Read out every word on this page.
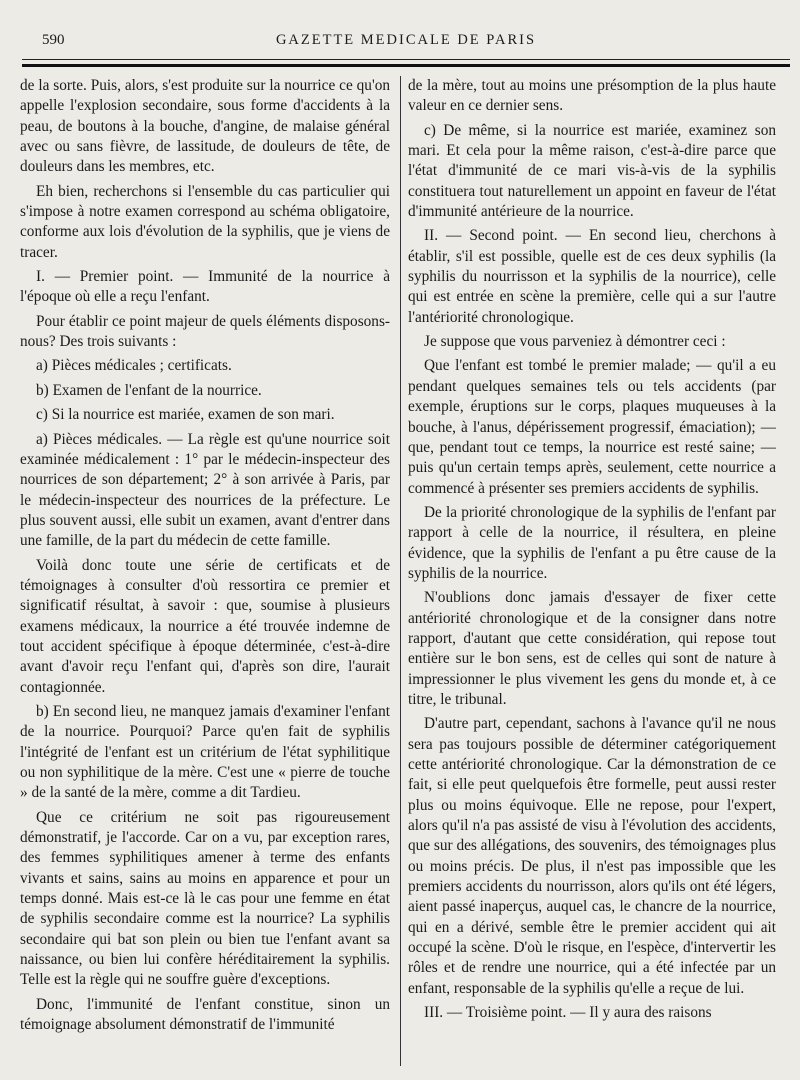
590	GAZETTE MEDICALE DE PARIS

de la sorte. Puis, alors, s'est produite sur la nourrice ce qu'on appelle l'explosion secondaire, sous forme d'accidents à la peau, de boutons à la bouche, d'angine, de malaise général avec ou sans fièvre, de lassitude, de douleurs de tête, de douleurs dans les membres, etc.

Eh bien, recherchons si l'ensemble du cas particulier qui s'impose à notre examen correspond au schéma obligatoire, conforme aux lois d'évolution de la syphilis, que je viens de tracer.

I. — Premier point. — Immunité de la nourrice à l'époque où elle a reçu l'enfant.

Pour établir ce point majeur de quels éléments disposons-nous? Des trois suivants :

a) Pièces médicales ; certificats.

b) Examen de l'enfant de la nourrice.

c) Si la nourrice est mariée, examen de son mari.

a) Pièces médicales. — La règle est qu'une nourrice soit examinée médicalement : 1° par le médecin-inspecteur des nourrices de son département; 2° à son arrivée à Paris, par le médecin-inspecteur des nourrices de la préfecture. Le plus souvent aussi, elle subit un examen, avant d'entrer dans une famille, de la part du médecin de cette famille.

Voilà donc toute une série de certificats et de témoignages à consulter d'où ressortira ce premier et significatif résultat, à savoir : que, soumise à plusieurs examens médicaux, la nourrice a été trouvée indemne de tout accident spécifique à époque déterminée, c'est-à-dire avant d'avoir reçu l'enfant qui, d'après son dire, l'aurait contagionnée.

b) En second lieu, ne manquez jamais d'examiner l'enfant de la nourrice. Pourquoi? Parce qu'en fait de syphilis l'intégrité de l'enfant est un critérium de l'état syphilitique ou non syphilitique de la mère. C'est une « pierre de touche » de la santé de la mère, comme a dit Tardieu.

Que ce critérium ne soit pas rigoureusement démonstratif, je l'accorde. Car on a vu, par exception rares, des femmes syphilitiques amener à terme des enfants vivants et sains, sains au moins en apparence et pour un temps donné. Mais est-ce là le cas pour une femme en état de syphilis secondaire comme est la nourrice? La syphilis secondaire qui bat son plein ou bien tue l'enfant avant sa naissance, ou bien lui confère héréditairement la syphilis. Telle est la règle qui ne souffre guère d'exceptions.

Donc, l'immunité de l'enfant constitue, sinon un témoignage absolument démonstratif de l'immunité

de la mère, tout au moins une présomption de la plus haute valeur en ce dernier sens.

c) De même, si la nourrice est mariée, examinez son mari. Et cela pour la même raison, c'est-à-dire parce que l'état d'immunité de ce mari vis-à-vis de la syphilis constituera tout naturellement un appoint en faveur de l'état d'immunité antérieure de la nourrice.

II. — Second point. — En second lieu, cherchons à établir, s'il est possible, quelle est de ces deux syphilis (la syphilis du nourrisson et la syphilis de la nourrice), celle qui est entrée en scène la première, celle qui a sur l'autre l'antériorité chronologique.

Je suppose que vous parveniez à démontrer ceci :

Que l'enfant est tombé le premier malade; — qu'il a eu pendant quelques semaines tels ou tels accidents (par exemple, éruptions sur le corps, plaques muqueuses à la bouche, à l'anus, dépérissement progressif, émaciation); — que, pendant tout ce temps, la nourrice est resté saine; — puis qu'un certain temps après, seulement, cette nourrice a commencé à présenter ses premiers accidents de syphilis.

De la priorité chronologique de la syphilis de l'enfant par rapport à celle de la nourrice, il résultera, en pleine évidence, que la syphilis de l'enfant a pu être cause de la syphilis de la nourrice.

N'oublions donc jamais d'essayer de fixer cette antériorité chronologique et de la consigner dans notre rapport, d'autant que cette considération, qui repose tout entière sur le bon sens, est de celles qui sont de nature à impressionner le plus vivement les gens du monde et, à ce titre, le tribunal.

D'autre part, cependant, sachons à l'avance qu'il ne nous sera pas toujours possible de déterminer catégoriquement cette antériorité chronologique. Car la démonstration de ce fait, si elle peut quelquefois être formelle, peut aussi rester plus ou moins équivoque. Elle ne repose, pour l'expert, alors qu'il n'a pas assisté de visu à l'évolution des accidents, que sur des allégations, des souvenirs, des témoignages plus ou moins précis. De plus, il n'est pas impossible que les premiers accidents du nourrisson, alors qu'ils ont été légers, aient passé inaperçus, auquel cas, le chancre de la nourrice, qui en a dérivé, semble être le premier accident qui ait occupé la scène. D'où le risque, en l'espèce, d'intervertir les rôles et de rendre une nourrice, qui a été infectée par un enfant, responsable de la syphilis qu'elle a reçue de lui.

III. — Troisième point. — Il y aura des raisons
